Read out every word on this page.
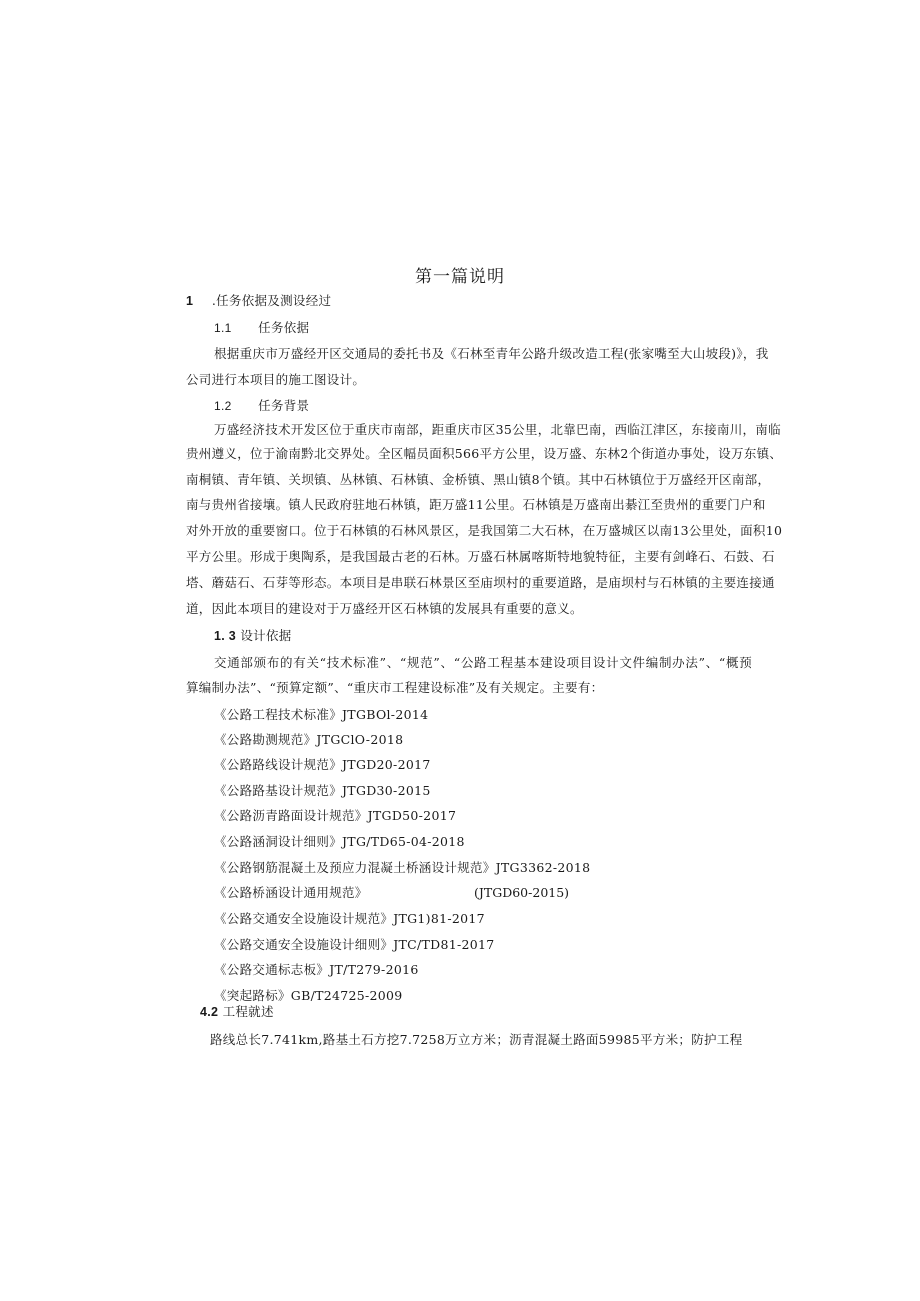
第一篇说明
1 .任务依据及测设经过
1.1 任务依据
根据重庆市万盛经开区交通局的委托书及《石林至青年公路升级改造工程(张家嘴至大山坡段)》，我
公司进行本项目的施工图设计。
1.2 任务背景
万盛经济技术开发区位于重庆市南部，距重庆市区35公里，北靠巴南，西临江津区，东接南川，南临
贵州遵义，位于渝南黔北交界处。全区幅员面积566平方公里，设万盛、东林2个街道办事处，设万东镇、
南桐镇、青年镇、关坝镇、丛林镇、石林镇、金桥镇、黑山镇8个镇。其中石林镇位于万盛经开区南部，
南与贵州省接壤。镇人民政府驻地石林镇，距万盛11公里。石林镇是万盛南出綦江至贵州的重要门户和
对外开放的重要窗口。位于石林镇的石林风景区，是我国第二大石林，在万盛城区以南13公里处，面积10
平方公里。形成于奥陶系，是我国最古老的石林。万盛石林属喀斯特地貌特征，主要有剑峰石、石鼓、石
塔、蘑菇石、石芽等形态。本项目是串联石林景区至庙坝村的重要道路，是庙坝村与石林镇的主要连接通
道，因此本项目的建设对于万盛经开区石林镇的发展具有重要的意义。
1. 3 设计依据
交通部颁布的有关“技术标准”、“规范”、“公路工程基本建设项目设计文件编制办法”、“概预
算编制办法”、“预算定额”、“重庆市工程建设标准”及有关规定。主要有：
《公路工程技术标准》JTGBOl-2014
《公路勘测规范》JTGClO-2018
《公路路线设计规范》JTGD20-2017
《公路路基设计规范》JTGD30-2015
《公路沥青路面设计规范》JTGD50-2017
《公路涵洞设计细则》JTG/TD65-04-2018
《公路钢筋混凝土及预应力混凝土桥涵设计规范》JTG3362-2018
《公路桥涵设计通用规范》	(JTGD60-2015)
《公路交通安全设施设计规范》JTG1)81-2017
《公路交通安全设施设计细则》JTC/TD81-2017
《公路交通标志板》JT/T279-2016
《突起路标》GB/T24725-2009
4.2 工程就述
路线总长7.741km,路基土石方挖7.7258万立方米；沥青混凝土路面59985平方米；防护工程
